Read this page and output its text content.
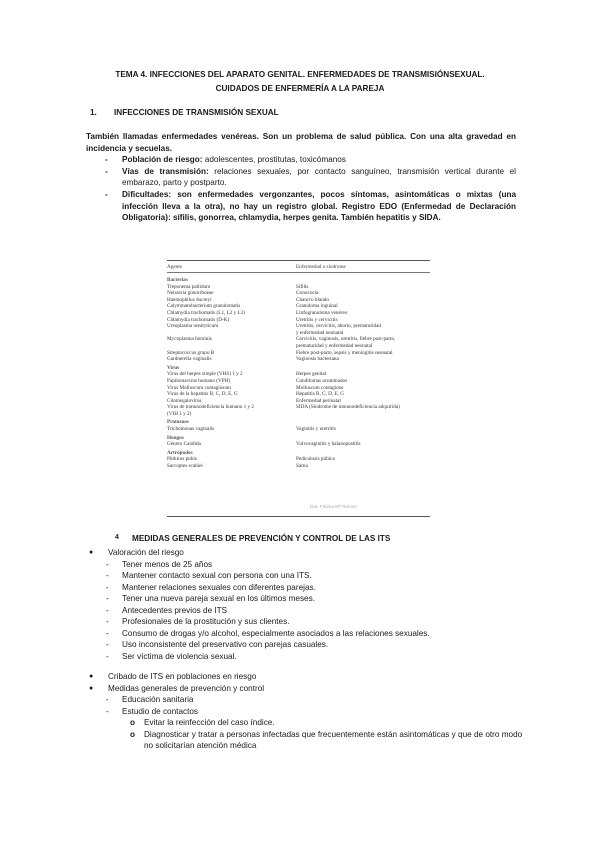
TEMA 4. INFECCIONES DEL APARATO GENITAL. ENFERMEDADES DE TRANSMISIÓNSEXUAL.
CUIDADOS DE ENFERMERÍA A LA PAREJA
1. INFECCIONES DE TRANSMISIÓN SEXUAL

También llamadas enfermedades venéreas. Son un problema de salud pública. Con una alta gravedad en incidencia y secuelas.

- Población de riesgo: adolescentes, prostitutas, toxicómanos
- Vías de transmisión: relaciones sexuales, por contacto sanguíneo, transmisión vertical durante el embarazo, parto y postparto.
- Dificultades: son enfermedades vergonzantes, pocos síntomas, asintomáticas o mixtas (una infección lleva a la otra), no hay un registro global. Registro EDO (Enfermedad de Declaración Obligatoria): sífilis, gonorrea, chlamydia, herpes genita. También hepatitis y SIDA.
Agente	Enfermedad o síndrome
Bacterias
Treponema pallidum	Sífilis
Neisseria gonorrhoeae	Gonococia
Haemophilus ducreyi	Chancro blando
Calymmatobacterium granulomatis	Granuloma inguinal
Chlamydia trachomatis (L1, L2 y L3)	Linfogranuloma venéreo
Chlamydia trachomatis (D-K)	Uretritis y cervicitis
Ureoplasma urealyticum	Uretritis, cervicitis, aborto, prematuridad
y enfermedad neonatal
Mycoplasma hominis	Cervicitis, vaginosis, uretritis, fiebre post-parto,
prematuridad y enfermedad neonatal
Streptococcus grupo B	Fiebre post-parto, sepsis y meningitis neonatal
Gardnerella vaginalis	Vaginosis bacteriana
Virus
Virus del herpes simple (VHS) 1 y 2	Herpes genital
Papilomavirus humano (VPH)	Condilomas acuminados
Virus Molluscum contagiosum	Molluscum contagioso
Virus de la hepatitis B, C, D, E, G	Hepatitis B, C, D, E, G
Citomegalovirus	Enfermedad perinatal
Virus de inmunodeficiencia humano 1 y 2	SIDA (Síndrome de inmunodeficiencia adquirida)
(VIH 1 y 2)
Protozoos
Trichomonas vaginalis	Vaginitis y uretritis
Hongos
Género Candida	Vulvovaginitis y balanopostitis
Artrópodos
Phthirus pubis	Pediculosis púbica
Sarcoptes scabiei	Sarna
Dra. Fátima Mª Ramos
4 MEDIDAS GENERALES DE PREVENCIÓN Y CONTROL DE LAS ITS
● Valoración del riesgo
- Tener menos de 25 años
- Mantener contacto sexual con persona con una ITS.
- Mantener relaciones sexuales con diferentes parejas.
- Tener una nueva pareja sexual en los últimos meses.
- Antecedentes previos de ITS
- Profesionales de la prostitución y sus clientes.
- Consumo de drogas y/o alcohol, especialmente asociados a las relaciones sexuales.
- Uso inconsistente del preservativo con parejas casuales.
- Ser víctima de violencia sexual.
● Cribado de ITS en poblaciones en riesgo
● Medidas generales de prevención y control
- Educación sanitaria
- Estudio de contactos
o Evitar la reinfección del caso índice.
o Diagnosticar y tratar a personas infectadas que frecuentemente están asintomáticas y que de otro modo no solicitarían atención médica
